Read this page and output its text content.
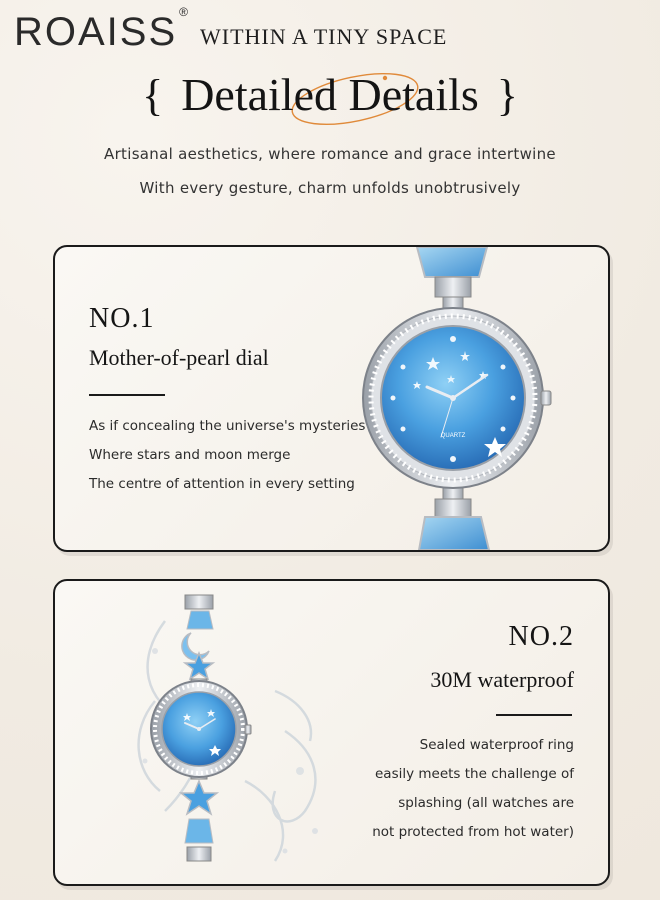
ROAISS ®
WITHIN A TINY SPACE
{ Detailed Details }
Artisanal aesthetics, where romance and grace intertwine
With every gesture, charm unfolds unobtrusively
NO.1
Mother-of-pearl dial
As if concealing the universe's mysteries
Where stars and moon merge
The centre of attention in every setting
QUARTZ
NO.2
30M waterproof
Sealed waterproof ring
easily meets the challenge of
splashing (all watches are
not protected from hot water)
